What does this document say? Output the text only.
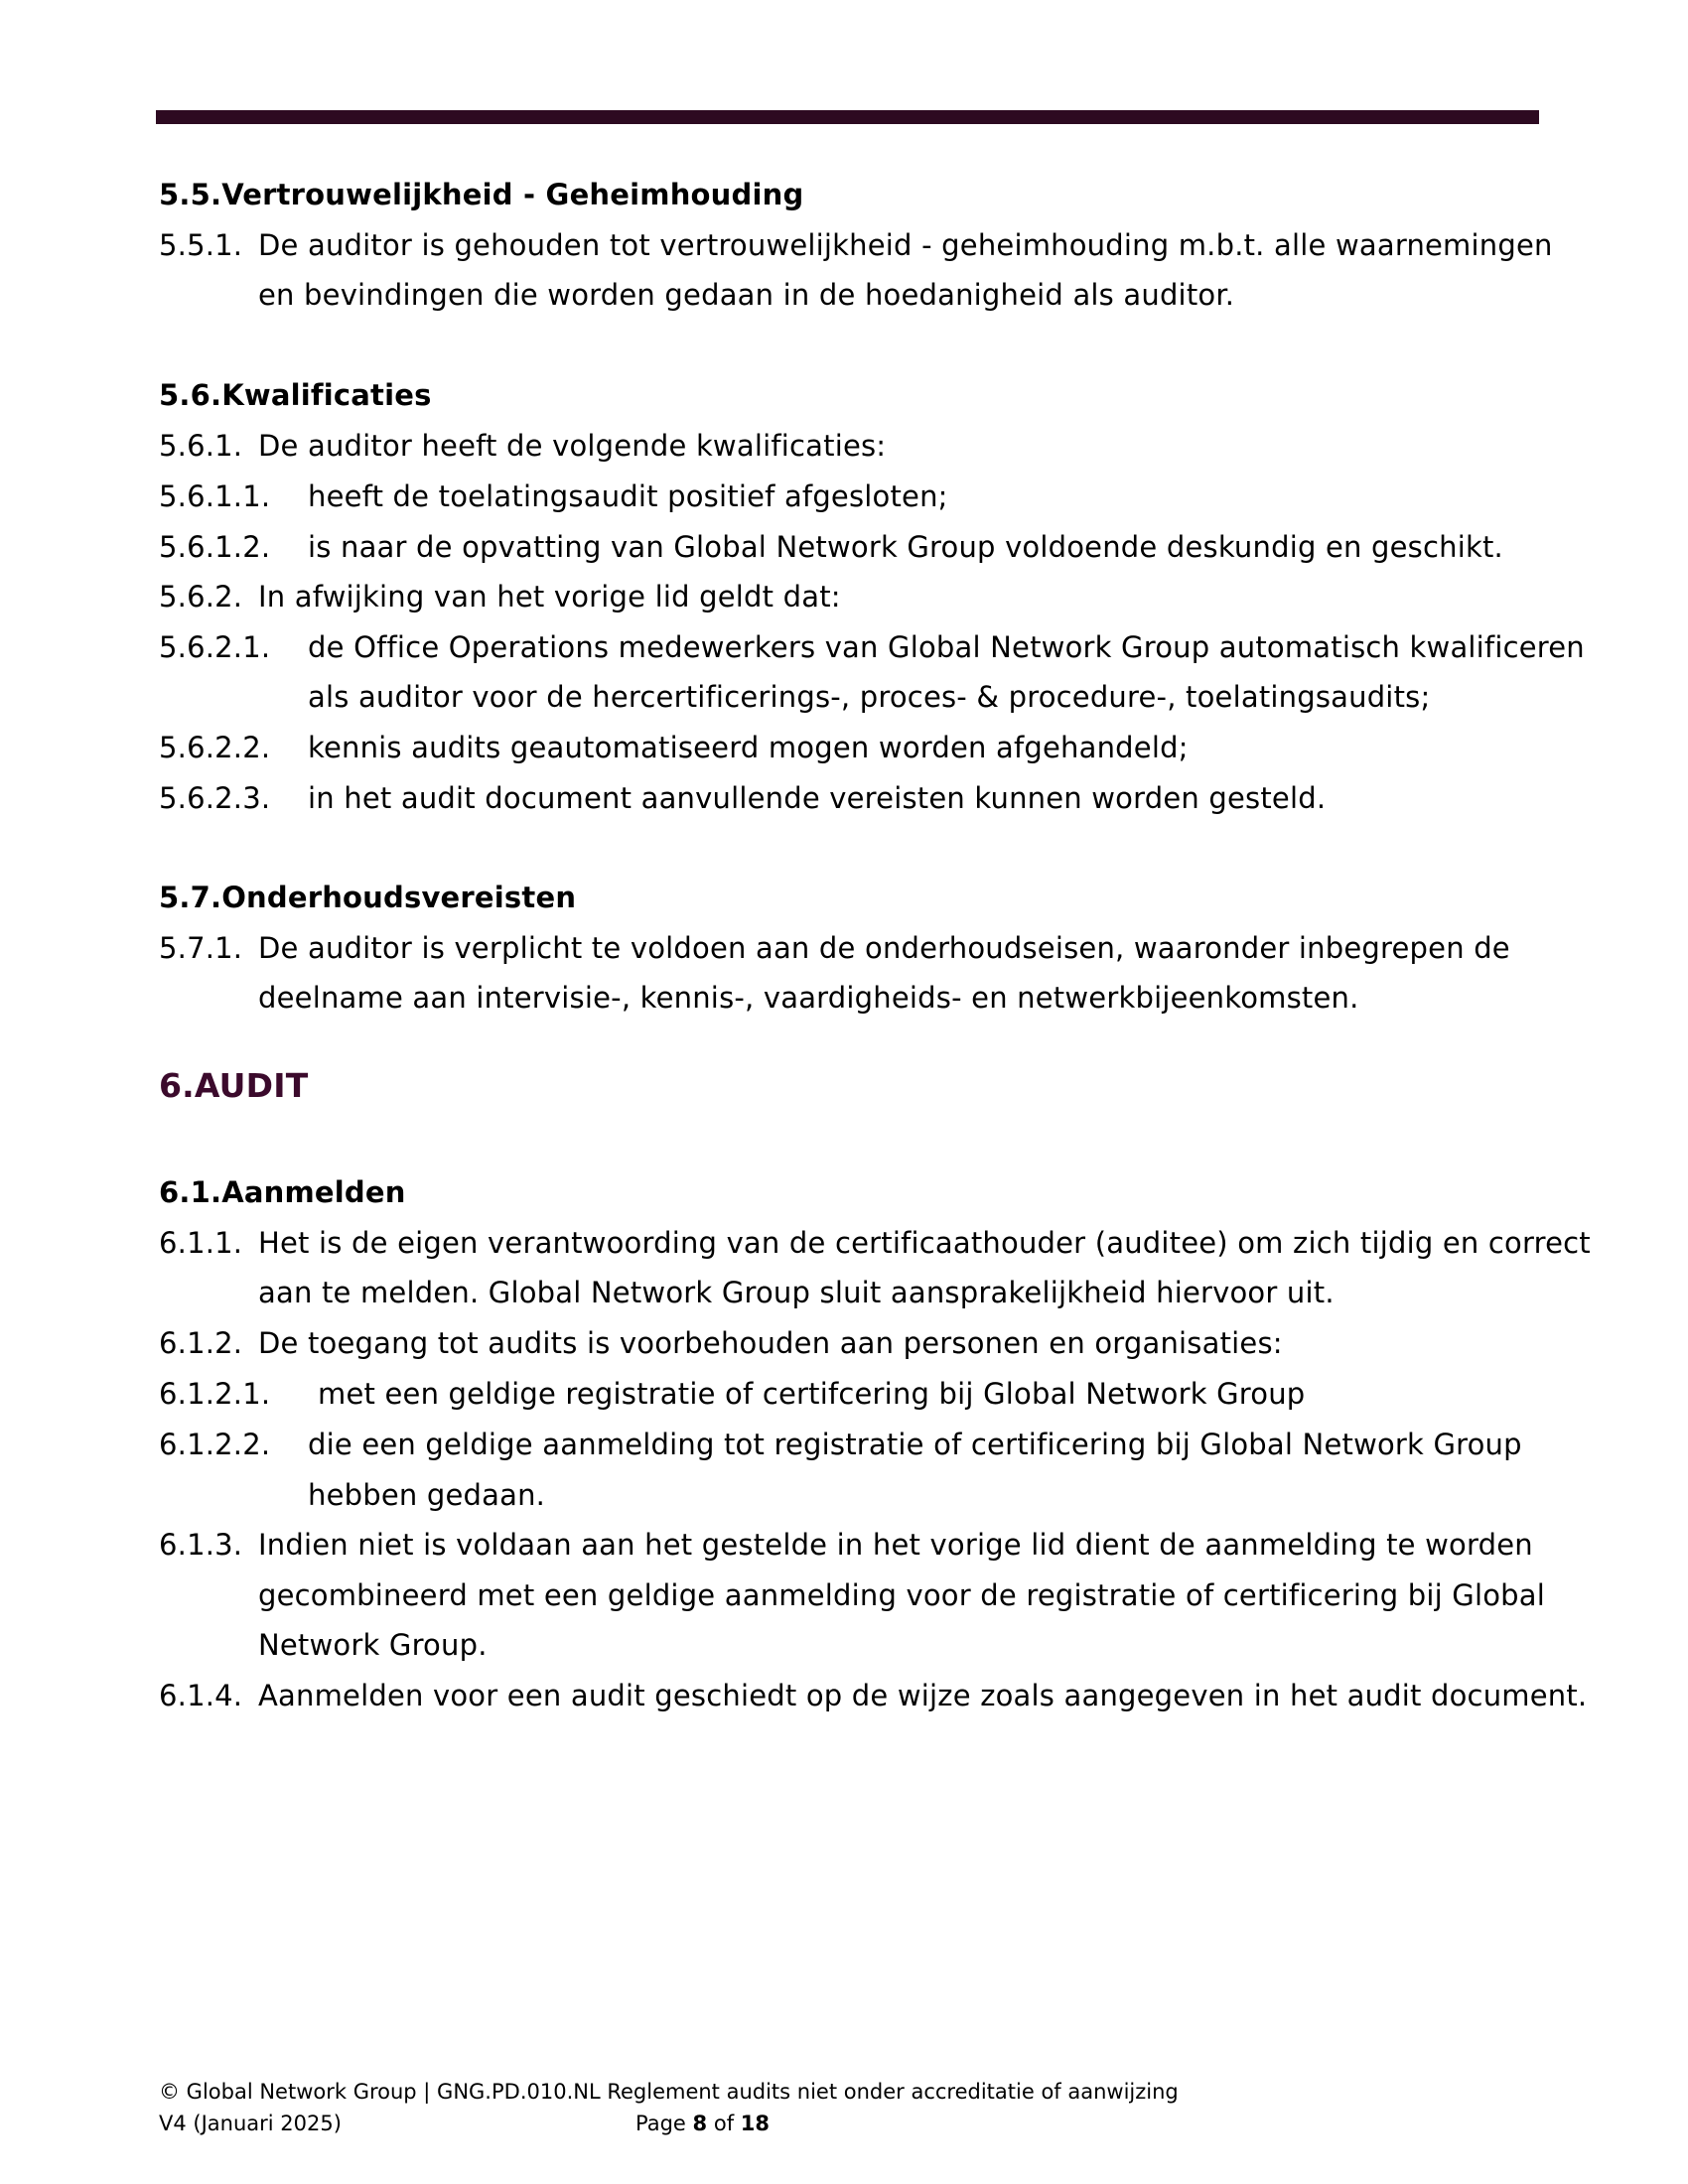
5.5.Vertrouwelijkheid - Geheimhouding
5.5.1. De auditor is gehouden tot vertrouwelijkheid - geheimhouding m.b.t. alle waarnemingen
en bevindingen die worden gedaan in de hoedanigheid als auditor.
5.6.Kwalificaties
5.6.1. De auditor heeft de volgende kwalificaties:
5.6.1.1. heeft de toelatingsaudit positief afgesloten;
5.6.1.2. is naar de opvatting van Global Network Group voldoende deskundig en geschikt.
5.6.2. In afwijking van het vorige lid geldt dat:
5.6.2.1. de Office Operations medewerkers van Global Network Group automatisch kwalificeren
als auditor voor de hercertificerings-, proces- & procedure-, toelatingsaudits;
5.6.2.2. kennis audits geautomatiseerd mogen worden afgehandeld;
5.6.2.3. in het audit document aanvullende vereisten kunnen worden gesteld.
5.7.Onderhoudsvereisten
5.7.1. De auditor is verplicht te voldoen aan de onderhoudseisen, waaronder inbegrepen de
deelname aan intervisie-, kennis-, vaardigheids- en netwerkbijeenkomsten.
6.AUDIT
6.1.Aanmelden
6.1.1. Het is de eigen verantwoording van de certificaathouder (auditee) om zich tijdig en correct
aan te melden. Global Network Group sluit aansprakelijkheid hiervoor uit.
6.1.2. De toegang tot audits is voorbehouden aan personen en organisaties:
6.1.2.1. met een geldige registratie of certifcering bij Global Network Group
6.1.2.2. die een geldige aanmelding tot registratie of certificering bij Global Network Group
hebben gedaan.
6.1.3. Indien niet is voldaan aan het gestelde in het vorige lid dient de aanmelding te worden
gecombineerd met een geldige aanmelding voor de registratie of certificering bij Global
Network Group.
6.1.4. Aanmelden voor een audit geschiedt op de wijze zoals aangegeven in het audit document.
© Global Network Group | GNG.PD.010.NL Reglement audits niet onder accreditatie of aanwijzing
V4 (Januari 2025)	Page 8 of 18
